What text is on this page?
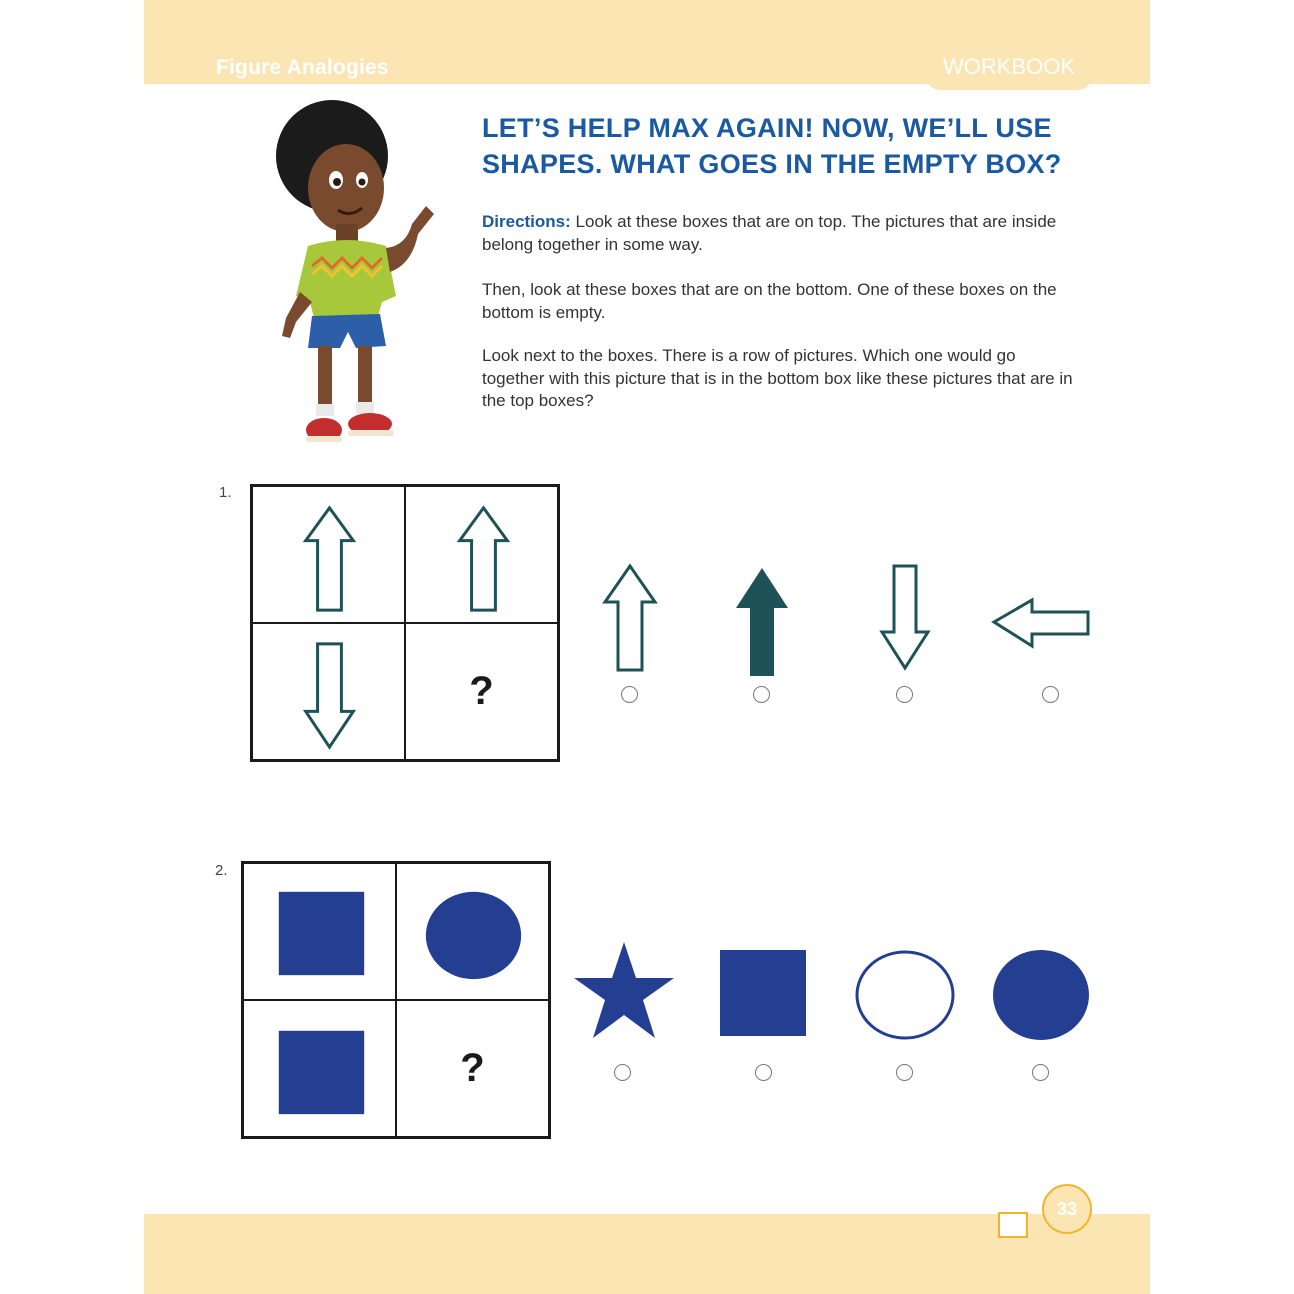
Figure Analogies	WORKBOOK
LET’S HELP MAX AGAIN! NOW, WE’LL USE SHAPES. WHAT GOES IN THE EMPTY BOX?
Directions: Look at these boxes that are on top. The pictures that are inside belong together in some way.
Then, look at these boxes that are on the bottom. One of these boxes on the bottom is empty.
Look next to the boxes. There is a row of pictures. Which one would go together with this picture that is in the bottom box like these pictures that are in the top boxes?
1.
?
2.
?
33
